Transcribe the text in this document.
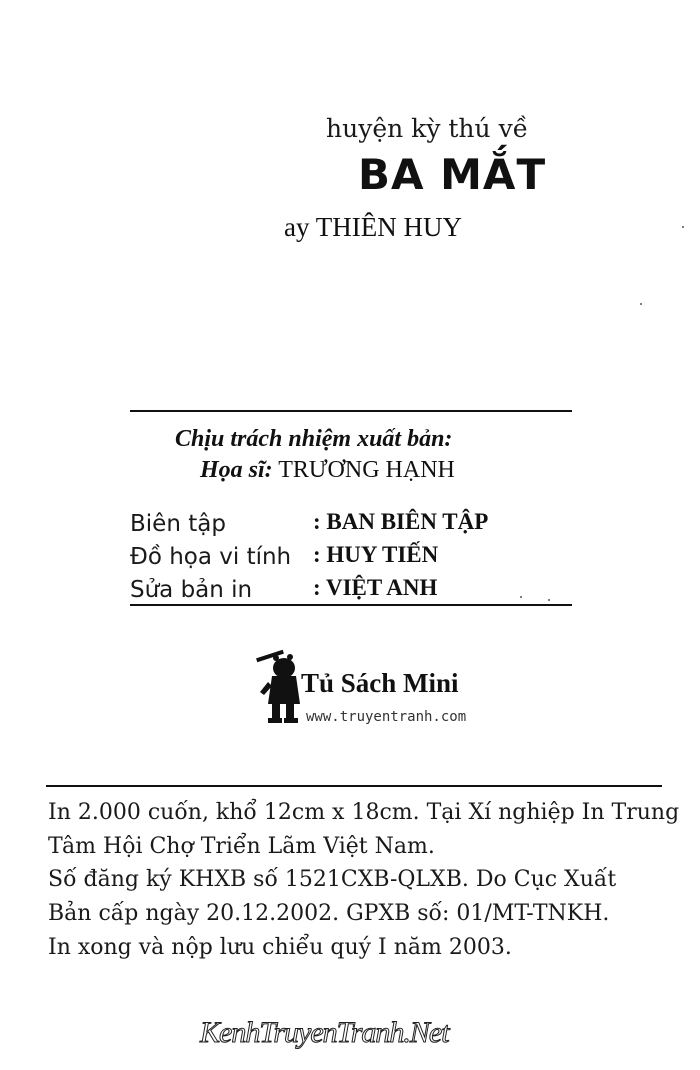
huyện kỳ thú về
BA MẮT
ay THIÊN HUY
Chịu trách nhiệm xuất bản:
Họa sĩ: TRƯƠNG HẠNH
Biên tập	: BAN BIÊN TẬP
Đồ họa vi tính : HUY TIẾN
Sửa bản in	: VIỆT ANH
Tủ Sách Mini
www.truyentranh.com
In 2.000 cuốn, khổ 12cm x 18cm. Tại Xí nghiệp In Trung
Tâm Hội Chợ Triển Lãm Việt Nam.
Số đăng ký KHXB số 1521CXB-QLXB. Do Cục Xuất
Bản cấp ngày 20.12.2002. GPXB số: 01/MT-TNKH.
In xong và nộp lưu chiểu quý I năm 2003.
KenhTruyenTranh.Net
